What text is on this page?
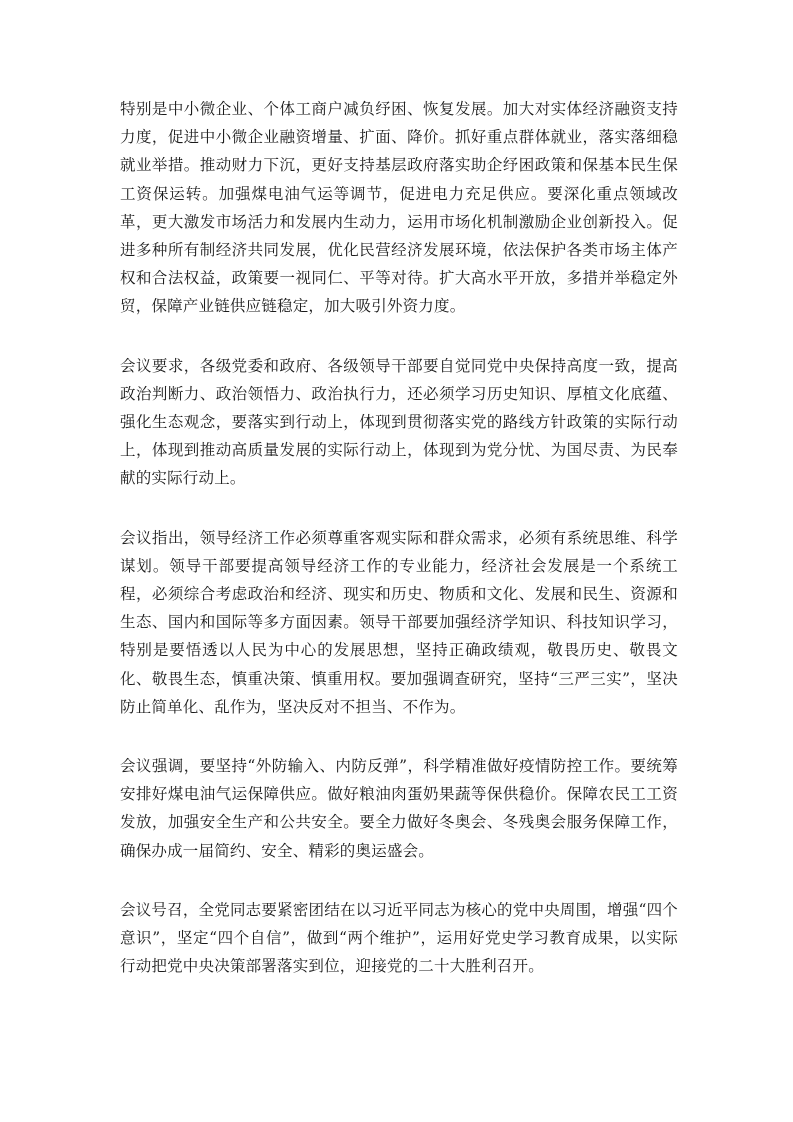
特别是中小微企业、个体工商户减负纾困、恢复发展。加大对实体经济融资支持力度，促进中小微企业融资增量、扩面、降价。抓好重点群体就业，落实落细稳就业举措。推动财力下沉，更好支持基层政府落实助企纾困政策和保基本民生保工资保运转。加强煤电油气运等调节，促进电力充足供应。要深化重点领域改革，更大激发市场活力和发展内生动力，运用市场化机制激励企业创新投入。促进多种所有制经济共同发展，优化民营经济发展环境，依法保护各类市场主体产权和合法权益，政策要一视同仁、平等对待。扩大高水平开放，多措并举稳定外贸，保障产业链供应链稳定，加大吸引外资力度。

会议要求，各级党委和政府、各级领导干部要自觉同党中央保持高度一致，提高政治判断力、政治领悟力、政治执行力，还必须学习历史知识、厚植文化底蕴、强化生态观念，要落实到行动上，体现到贯彻落实党的路线方针政策的实际行动上，体现到推动高质量发展的实际行动上，体现到为党分忧、为国尽责、为民奉献的实际行动上。

会议指出，领导经济工作必须尊重客观实际和群众需求，必须有系统思维、科学谋划。领导干部要提高领导经济工作的专业能力，经济社会发展是一个系统工程，必须综合考虑政治和经济、现实和历史、物质和文化、发展和民生、资源和生态、国内和国际等多方面因素。领导干部要加强经济学知识、科技知识学习，特别是要悟透以人民为中心的发展思想，坚持正确政绩观，敬畏历史、敬畏文化、敬畏生态，慎重决策、慎重用权。要加强调查研究，坚持“三严三实”，坚决防止简单化、乱作为，坚决反对不担当、不作为。

会议强调，要坚持“外防输入、内防反弹”，科学精准做好疫情防控工作。要统筹安排好煤电油气运保障供应。做好粮油肉蛋奶果蔬等保供稳价。保障农民工工资发放，加强安全生产和公共安全。要全力做好冬奥会、冬残奥会服务保障工作，确保办成一届简约、安全、精彩的奥运盛会。

会议号召，全党同志要紧密团结在以习近平同志为核心的党中央周围，增强“四个意识”，坚定“四个自信”，做到“两个维护”，运用好党史学习教育成果，以实际行动把党中央决策部署落实到位，迎接党的二十大胜利召开。
